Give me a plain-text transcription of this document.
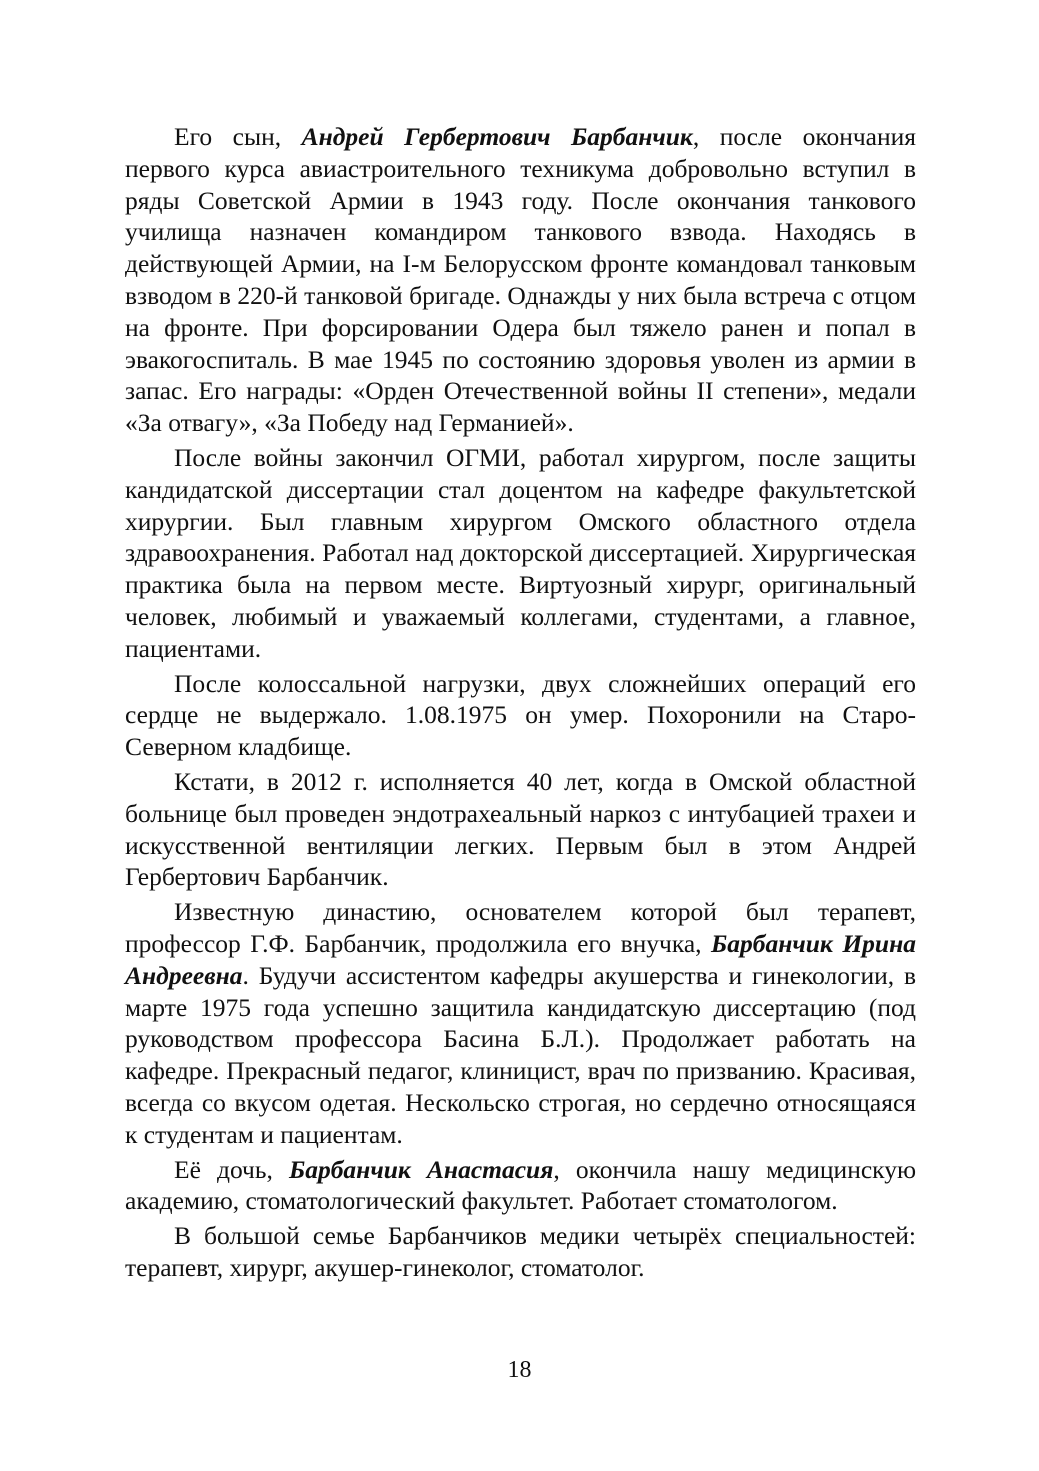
Его сын, Андрей Гербертович Барбанчик, после окончания первого курса авиастроительного техникума добровольно вступил в ряды Советской Армии в 1943 году. После окончания танкового училища назначен командиром танкового взвода. Находясь в действующей Армии, на I-м Белорусском фронте командовал танковым взводом в 220-й танковой бригаде. Однажды у них была встреча с отцом на фронте. При форсировании Одера был тяжело ранен и попал в эвакогоспиталь. В мае 1945 по состоянию здоровья уволен из армии в запас. Его награды: «Орден Отечественной войны II степени», медали «За отвагу», «За Победу над Германией».

После войны закончил ОГМИ, работал хирургом, после защиты кандидатской диссертации стал доцентом на кафедре факультетской хирургии. Был главным хирургом Омского областного отдела здравоохранения. Работал над докторской диссертацией. Хирургическая практика была на первом месте. Виртуозный хирург, оригинальный человек, любимый и уважаемый коллегами, студентами, а главное, пациентами.

После колоссальной нагрузки, двух сложнейших операций его сердце не выдержало. 1.08.1975 он умер. Похоронили на Старо-Северном кладбище.

Кстати, в 2012 г. исполняется 40 лет, когда в Омской областной больнице был проведен эндотрахеальный наркоз с интубацией трахеи и искусственной вентиляции легких. Первым был в этом Андрей Гербертович Барбанчик.

Известную династию, основателем которой был терапевт, профессор Г.Ф. Барбанчик, продолжила его внучка, Барбанчик Ирина Андреевна. Будучи ассистентом кафедры акушерства и гинекологии, в марте 1975 года успешно защитила кандидатскую диссертацию (под руководством профессора Басина Б.Л.). Продолжает работать на кафедре. Прекрасный педагог, клиницист, врач по призванию. Красивая, всегда со вкусом одетая. Нескольско строгая, но сердечно относящаяся к студентам и пациентам.

Её дочь, Барбанчик Анастасия, окончила нашу медицинскую академию, стоматологический факультет. Работает стоматологом.

В большой семье Барбанчиков медики четырёх специальностей: терапевт, хирург, акушер-гинеколог, стоматолог.

18
